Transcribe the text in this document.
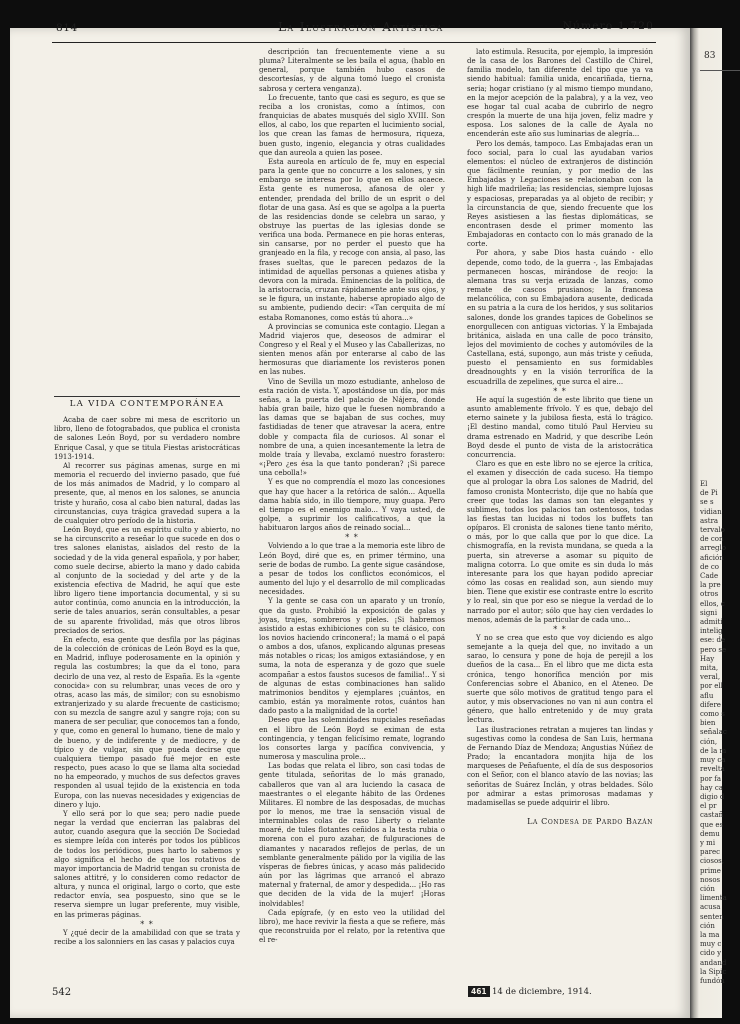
83
El
de Pi
se s
vidian
astra
tervalo
de con
arreglo
afición
de co
Cade
la pre
otros
ellos, c
signi
admiti
intelig
ese: de
pero se
Hay
mita,
veral,
por ell
aflu
difere
como s
bien
señalac
ción,
de la m
muy ca
revelta
por fa
hay ca
digio d
el pr
castañ
que es
demu
y mi
parec
ciosos,
prime
nosos
ción
limenta
acusa
senten
ción
la ma
muy c
cido y
andand
la Sipic
fundón
814	La Ilustración Artística	Número 1.720
LA VIDA CONTEMPORÁNEA

Acaba de caer sobre mi mesa de escritorio un libro, lleno de fotograbados, que publica el cronista de salones León Boyd, por su verdadero nombre Enrique Casal, y que se titula Fiestas aristocráticas 1913-1914.

Al recorrer sus páginas amenas, surge en mi memoria el recuerdo del invierno pasado, que fué de los más animados de Madrid, y lo comparo al presente, que, al menos en los salones, se anuncia triste y huraño, cosa al cabo bien natural, dadas las circunstancias, cuya trágica gravedad supera a la de cualquier otro período de la historia.

León Boyd, que es un espíritu culto y abierto, no se ha circunscrito a reseñar lo que sucede en dos o tres salones elanistas, aislados del resto de la sociedad y de la vida general española, y por haber, como suele decirse, abierto la mano y dado cabida al conjunto de la sociedad y del arte y de la existencia efectiva de Madrid, he aquí que este libro ligero tiene importancia documental, y si su autor continúa, como anuncia en la introducción, la serie de tales anuarios, serán consultables, a pesar de su aparente frivolidad, más que otros libros preciados de serios.

En efecto, esa gente que desfila por las páginas de la colección de crónicas de León Boyd es la que, en Madrid, influye poderosamente en la opinión y regula las costumbres; la que da el tono, para decirlo de una vez, al resto de España. Es la «gente conocida» con su relumbrar, unas veces de oro y otras, acaso las más, de similor; con su esnobismo extranjerizado y su alarde frecuente de casticismo; con su mezcla de sangre azul y sangre roja; con su manera de ser peculiar, que conocemos tan a fondo, y que, como en general lo humano, tiene de malo y de bueno, y de indiferente y de mediocre, y de típico y de vulgar, sin que pueda decirse que cualquiera tiempo pasado fué mejor en este respecto, pues acaso lo que se llama alta sociedad no ha empeorado, y muchos de sus defectos graves responden al usual tejido de la existencia en toda Europa, con las nuevas necesidades y exigencias de dinero y lujo.

Y ello será por lo que sea; pero nadie puede negar la verdad que encierran las palabras del autor, cuando asegura que la sección De Sociedad es siempre leída con interés por todos los públicos de todos los periódicos, pues harto lo sabemos y algo significa el hecho de que los rotativos de mayor importancia de Madrid tengan su cronista de salones attitré, y lo consideren como redactor de altura, y nunca el original, largo o corto, que este redactor envía, sea pospuesto, sino que se le reserva siempre un lugar preferente, muy visible, en las primeras páginas.

* *

Y ¿qué decir de la amabilidad con que se trata y recibe a los salonniers en las casas y palacios cuya

descripción tan frecuentemente viene a su pluma? Literalmente se les baila el agua, (hablo en general, porque también hubo casos de descortesías, y de alguna tomó luego el cronista sabrosa y certera venganza).

Lo frecuente, tanto que casi es seguro, es que se reciba a los cronistas, como a íntimos, con franquicias de abates musqués del siglo XVIII. Son ellos, al cabo, los que reparten el lucimiento social, los que crean las famas de hermosura, riqueza, buen gusto, ingenio, elegancia y otras cualidades que dan aureola a quien las posee.

Esta aureola en artículo de fe, muy en especial para la gente que no concurre a los salones, y sin embargo se interesa por lo que en ellos acaece. Esta gente es numerosa, afanosa de oler y entender, prendada del brillo de un esprit o del flotar de una gasa. Así es que se agolpa a la puerta de las residencias donde se celebra un sarao, y obstruye las puertas de las iglesias donde se verifica una boda. Permanece en pie horas enteras, sin cansarse, por no perder el puesto que ha granjeado en la fila, y recoge con ansia, al paso, las frases sueltas, que le parecen pedazos de la intimidad de aquellas personas a quienes atisba y devora con la mirada. Eminencias de la política, de la aristocracia, cruzan rápidamente ante sus ojos, y se le figura, un instante, haberse apropiado algo de su ambiente, pudiendo decir: «Tan cerquita de mí estaba Romanones, como estás tú ahora...»

A provincias se comunica este contagio. Llegan a Madrid viajeros que, deseosos de admirar el Congreso y el Real y el Museo y las Caballerizas, no sienten menos afán por enterarse al cabo de las hermosuras que diariamente los revisteros ponen en las nubes.

Vino de Sevilla un mozo estudiante, anheloso de esta ración de vista. Y, apostándose un día, por más señas, a la puerta del palacio de Nájera, donde había gran baile, hizo que le fuesen nombrando a las damas que se bajaban de sus coches, muy fastidiadas de tener que atravesar la acera, entre doble y compacta fila de curiosos. Al sonar el nombre de una, a quien incesantemente la letra de molde traía y llevaba, exclamó nuestro forastero: «¡Pero ¿es ésa la que tanto ponderan? ¡Si parece una cebolla!»

Y es que no comprendía el mozo las concesiones que hay que hacer a la retórica de salón... Aquella dama había sido, in illo tiempore, muy guapa. Pero el tiempo es el enemigo malo... Y vaya usted, de golpe, a suprimir los calificativos, a que la habituaron largos años de reinado social...

* *

Volviendo a lo que trae a la memoria este libro de León Boyd, diré que es, en primer término, una serie de bodas de rumbo. La gente sigue casándose, a pesar de todos los conflictos económicos, el aumento del lujo y el desarrollo de mil complicadas necesidades.

Y la gente se casa con un aparato y un tronío, que da gusto. Prohibió la exposición de galas y joyas, trajes, sombreros y pieles. ¡Si habremos asistido a estas exhibiciones con su te clásico, con los novios haciendo crinconera!; la mamá o el papá o ambos a dos, ufanos, explicando algunas preseas más notables o ricas; los amigos extasiándose, y en suma, la nota de esperanza y de gozo que suele acompañar a estos faustos sucesos de familia!.. Y si de algunas de estas combinaciones han salido matrimonios benditos y ejemplares ¡cuántos, en cambio, están ya moralmente rotos, cuántos han dado pasto a la malignidad de la corte!

Deseo que las solemnidades nupciales reseñadas en el libro de León Boyd se eximan de esta contingencia, y tengan felicísimo remate, logrando los consortes larga y pacífica convivencia, y numerosa y masculina prole...

Las bodas que relata el libro, son casi todas de gente titulada, señoritas de lo más granado, caballeros que van al ara luciendo la casaca de maestrantes o el elegante hábito de las Ordenes Militares. El nombre de las desposadas, de muchas por lo menos, me trae la sensación visual de interminables colas de raso Liberty o rielante moaré, de tules flotantes ceñidos a la testa rubia o morena con el puro azahar, de fulguraciones de diamantes y nacarados reflejos de perlas, de un semblante generalmente pálido por la vigilia de las vísperas de fiebres únicas, y acaso más palidecido aún por las lágrimas que arrancó el abrazo maternal y fraternal, de amor y despedida... ¡Ho ras que deciden de la vida de la mujer! ¡Horas inolvidables!

Cada epígrafe, (y en esto veo la utilidad del libro), me hace revivir la fiesta a que se refiere, más que reconstruida por el relato, por la retentiva que el re-

lato estimula. Resucita, por ejemplo, la impresión de la casa de los Barones del Castillo de Chirel, familia modelo, tan diferente del tipo que ya va siendo habitual: familia unida, encariñada, tierna, seria; hogar cristiano (y al mismo tiempo mundano, en la mejor acepción de la palabra), y a la vez, veo ese hogar tal cual acaba de cubrirlo de negro crespón la muerte de una hija joven, feliz madre y esposa. Los salones de la calle de Ayala no encenderán este año sus luminarias de alegría...

Pero los demás, tampoco. Las Embajadas eran un foco social, para lo cual las ayudaban varios elementos: el núcleo de extranjeros de distinción que fácilmente reunían, y por medio de las Embajadas y Legaciones se relacionaban con la high life madrileña; las residencias, siempre lujosas y espaciosas, preparadas ya al objeto de recibir; y la circunstancia de que, siendo frecuente que los Reyes asistiesen a las fiestas diplomáticas, se encontrasen desde el primer momento las Embajadoras en contacto con lo más granado de la corte.

Por ahora, y sabe Dios hasta cuándo - ello depende, como todo, de la guerra -, las Embajadas permanecen hoscas, mirándose de reojo: la alemana tras su verja erizada de lanzas, como remate de cascos prusianos; la francesa melancólica, con su Embajadora ausente, dedicada en su patria a la cura de los heridos, y sus solitarios salones, donde los grandes tapices de Gobelinos se enorgullecen con antiguas victorias. Y la Embajada británica, aislada en una calle de poco tránsito, lejos del movimiento de coches y automóviles de la Castellana, está, supongo, aun más triste y ceñuda, puesto el pensamiento en sus formidables dreadnoughts y en la visión terrorífica de la escuadrilla de zepelines, que surca el aire...

* *

He aquí la sugestión de este librito que tiene un asunto amablemente frívolo. Y es que, debajo del eterno sainete y la jubilosa fiesta, está lo trágico. ¡El destino mandal, como tituló Paul Hervieu su drama estrenado en Madrid, y que describe León Boyd desde el punto de vista de la aristocrática concurrencia.

Claro es que en este libro no se ejerce la crítica, el examen y disección de cada suceso. Ha tiempo que al prologar la obra Los salones de Madrid, del famoso cronista Montecristo, dije que no había que creer que todas las damas son tan elegantes y sublimes, todos los palacios tan ostentosos, todas las fiestas tan lucidas ni todos los buffets tan opíparos. El cronista de salones tiene tanto mérito, o más, por lo que calla que por lo que dice. La chismografía, en la revista mundana, se queda a la puerta, sin atreverse a asomar su piquito de maligna cotorra. Lo que omite es sin duda lo más interesante para los que hayan podido apreciar cómo las cosas en realidad son, aun siendo muy bien. Tiene que existir ese contraste entre lo escrito y lo real, sin que por eso se niegue la verdad de lo narrado por el autor; sólo que hay cien verdades lo menos, además de la particular de cada uno...

* *

Y no se crea que esto que voy diciendo es algo semejante a la queja del que, no invitado a un sarao, lo censura y pone de hoja de perejil a los dueños de la casa... En el libro que me dicta esta crónica, tengo honorífica mención por mis Conferencias sobre el Abanico, en el Ateneo. De suerte que sólo motivos de gratitud tengo para el autor, y mis observaciones no van ni aun contra el género, que hallo entretenido y de muy grata lectura.

Las ilustraciones retratan a mujeres tan lindas y sugestivas como la condesa de San Luis, hermana de Fernando Díaz de Mendoza; Angustias Núñez de Prado; la encantadora monjita hija de los marqueses de Peñafuente, el día de sus desposorios con el Señor, con el blanco atavío de las novias; las señoritas de Suárez Inclán, y otras beldades. Sólo por admirar a estas primorosas madamas y madamisellas se puede adquirir el libro.

La Condesa de Pardo Bazán
542	461 14 de diciembre, 1914.
